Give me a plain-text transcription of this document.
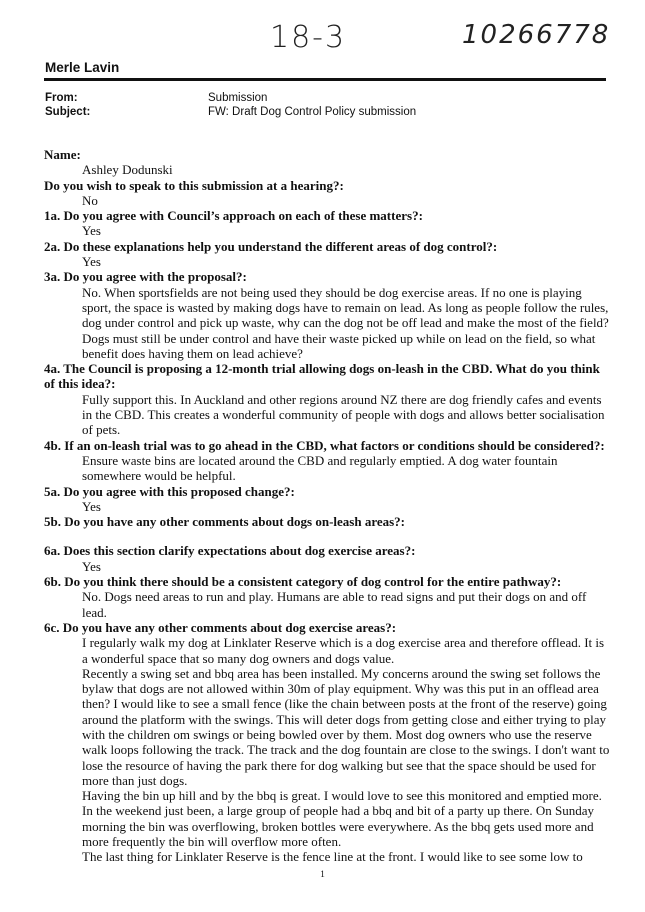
18-3	10266778
Merle Lavin
From:	Submission
Subject:	FW: Draft Dog Control Policy submission
Name:
Ashley Dodunski
Do you wish to speak to this submission at a hearing?:
No
1a. Do you agree with Council’s approach on each of these matters?:
Yes
2a. Do these explanations help you understand the different areas of dog control?:
Yes
3a. Do you agree with the proposal?:
No. When sportsfields are not being used they should be dog exercise areas. If no one is playing sport, the space is wasted by making dogs have to remain on lead. As long as people follow the rules, dog under control and pick up waste, why can the dog not be off lead and make the most of the field? Dogs must still be under control and have their waste picked up while on lead on the field, so what benefit does having them on lead achieve?
4a. The Council is proposing a 12-month trial allowing dogs on-leash in the CBD. What do you think of this idea?:
Fully support this. In Auckland and other regions around NZ there are dog friendly cafes and events in the CBD. This creates a wonderful community of people with dogs and allows better socialisation of pets.
4b. If an on-leash trial was to go ahead in the CBD, what factors or conditions should be considered?:
Ensure waste bins are located around the CBD and regularly emptied. A dog water fountain somewhere would be helpful.
5a. Do you agree with this proposed change?:
Yes
5b. Do you have any other comments about dogs on-leash areas?:
6a. Does this section clarify expectations about dog exercise areas?:
Yes
6b. Do you think there should be a consistent category of dog control for the entire pathway?:
No. Dogs need areas to run and play. Humans are able to read signs and put their dogs on and off lead.
6c. Do you have any other comments about dog exercise areas?:
I regularly walk my dog at Linklater Reserve which is a dog exercise area and therefore offlead. It is a wonderful space that so many dog owners and dogs value.
Recently a swing set and bbq area has been installed. My concerns around the swing set follows the bylaw that dogs are not allowed within 30m of play equipment. Why was this put in an offlead area then? I would like to see a small fence (like the chain between posts at the front of the reserve) going around the platform with the swings. This will deter dogs from getting close and either trying to play with the children om swings or being bowled over by them. Most dog owners who use the reserve walk loops following the track. The track and the dog fountain are close to the swings. I don't want to lose the resource of having the park there for dog walking but see that the space should be used for more than just dogs.
Having the bin up hill and by the bbq is great. I would love to see this monitored and emptied more. In the weekend just been, a large group of people had a bbq and bit of a party up there. On Sunday morning the bin was overflowing, broken bottles were everywhere. As the bbq gets used more and more frequently the bin will overflow more often.
The last thing for Linklater Reserve is the fence line at the front. I would like to see some low to
1
